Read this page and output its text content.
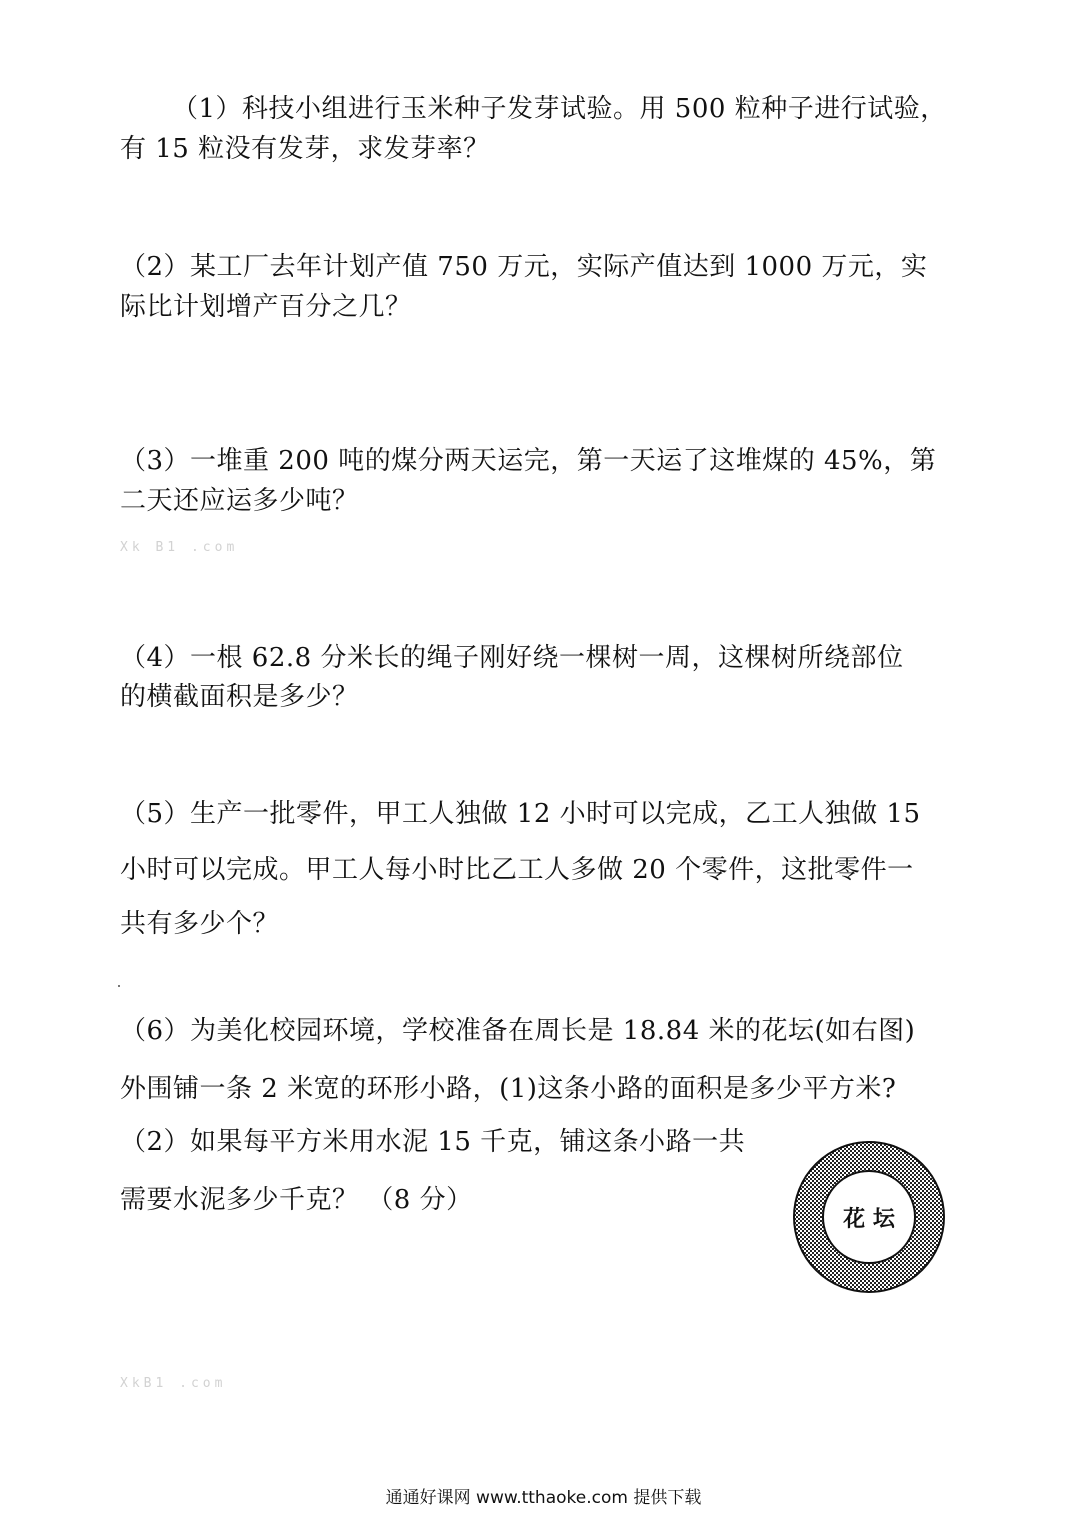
（1）科技小组进行玉米种子发芽试验。用 500 粒种子进行试验，
有 15 粒没有发芽，求发芽率？
（2）某工厂去年计划产值 750 万元，实际产值达到 1000 万元，实
际比计划增产百分之几？
（3）一堆重 200 吨的煤分两天运完，第一天运了这堆煤的 45%，第
二天还应运多少吨？
Xk B1 .com
（4）一根 62.8 分米长的绳子刚好绕一棵树一周，这棵树所绕部位
的横截面积是多少？
（5）生产一批零件，甲工人独做 12 小时可以完成，乙工人独做 15
小时可以完成。甲工人每小时比乙工人多做 20 个零件，这批零件一
共有多少个？
（6）为美化校园环境，学校准备在周长是 18.84 米的花坛(如右图)
外围铺一条 2 米宽的环形小路，(1)这条小路的面积是多少平方米?
（2）如果每平方米用水泥 15 千克，铺这条小路一共
需要水泥多少千克？ （8 分）
花 坛
XkB1 .com
通通好课网 www.tthaoke.com 提供下载
